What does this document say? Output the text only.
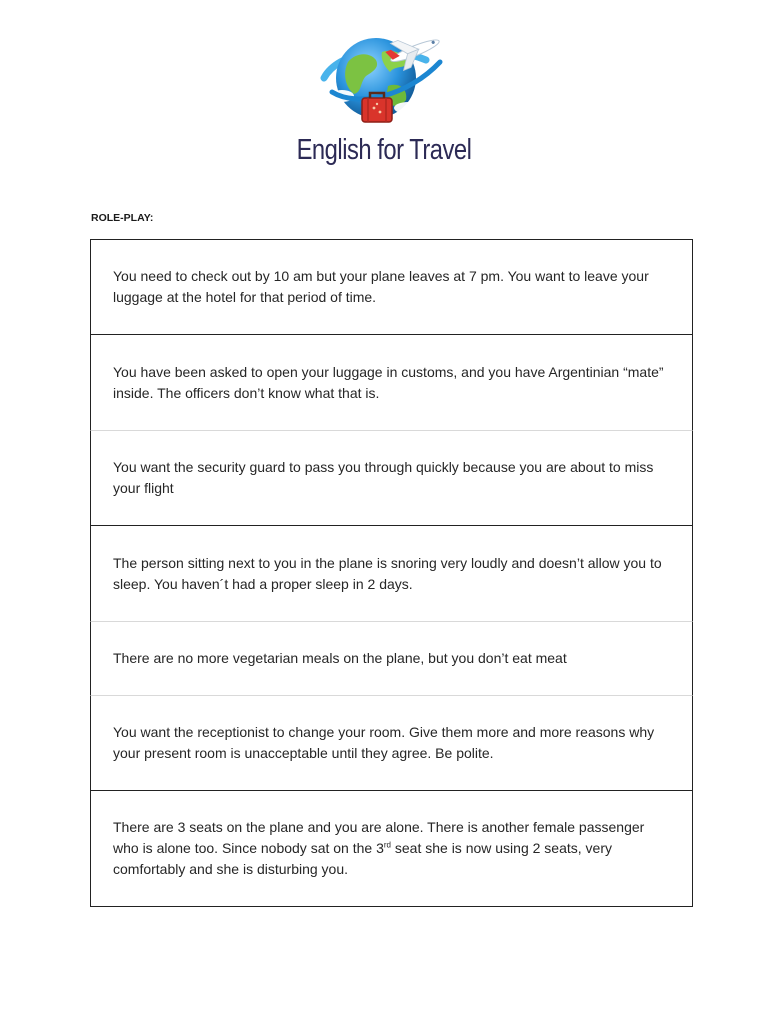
English for Travel
ROLE-PLAY:

You need to check out by 10 am but your plane leaves at 7 pm. You want to leave your luggage at the hotel for that period of time.

You have been asked to open your luggage in customs, and you have Argentinian “mate” inside. The officers don’t know what that is.

You want the security guard to pass you through quickly because you are about to miss your flight

The person sitting next to you in the plane is snoring very loudly and doesn’t allow you to sleep. You haven´t had a proper sleep in 2 days.

There are no more vegetarian meals on the plane, but you don’t eat meat

You want the receptionist to change your room. Give them more and more reasons why your present room is unacceptable until they agree. Be polite.

There are 3 seats on the plane and you are alone. There is another female passenger who is alone too. Since nobody sat on the 3rd seat she is now using 2 seats, very comfortably and she is disturbing you.
